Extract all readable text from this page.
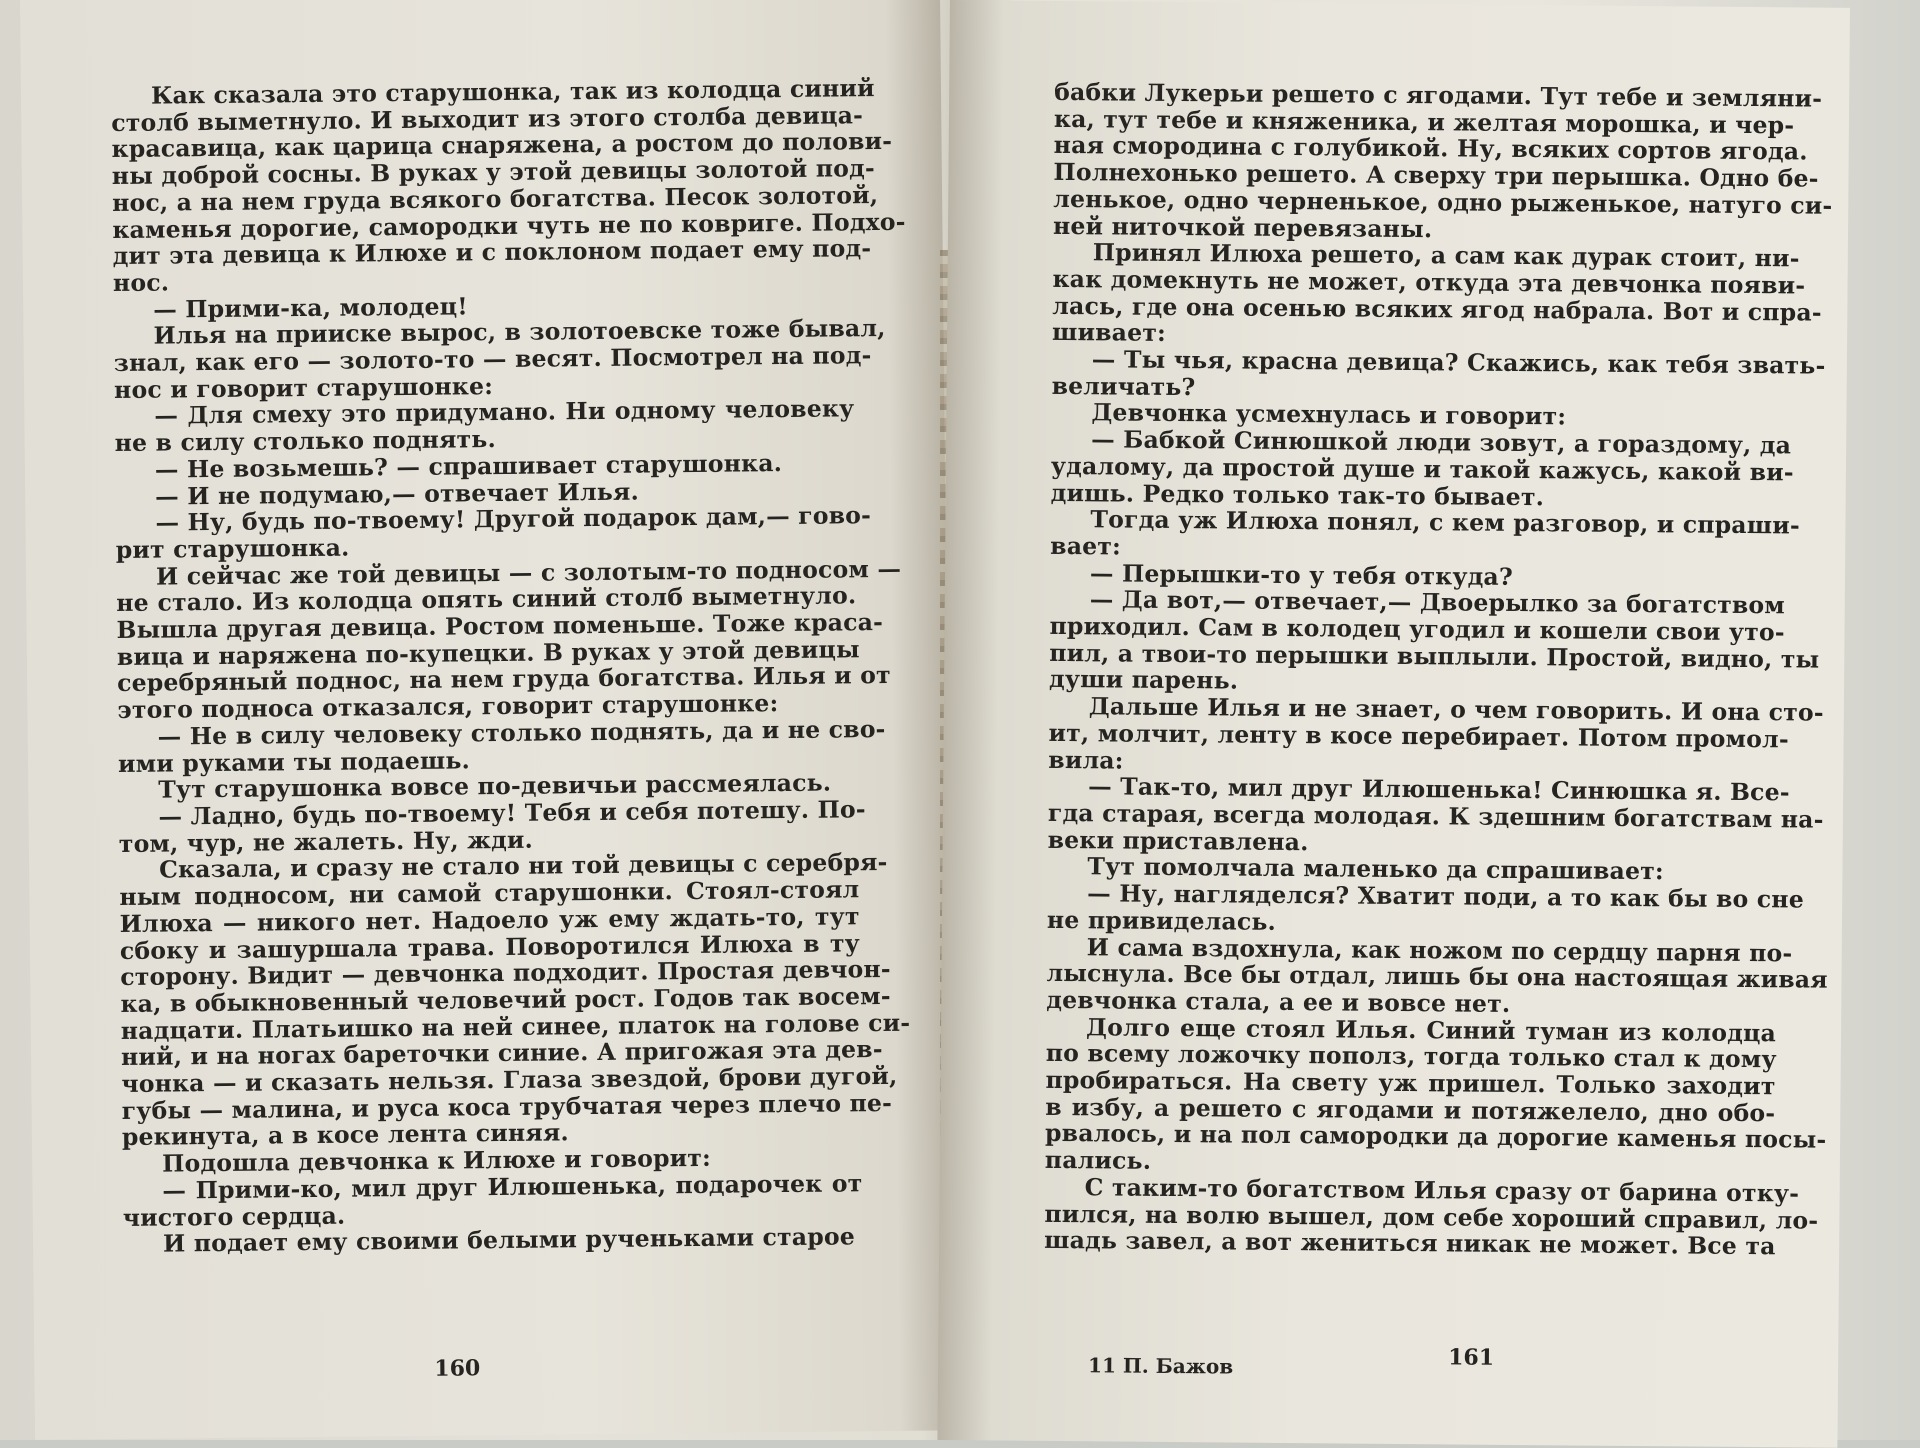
Как сказала это старушонка, так из колодца синий

столб выметнуло. И выходит из этого столба девица-

красавица, как царица снаряжена, а ростом до полови-

ны доброй сосны. В руках у этой девицы золотой под-

нос, а на нем груда всякого богатства. Песок золотой,

каменья дорогие, самородки чуть не по ковриге. Подхо-

дит эта девица к Илюхе и с поклоном подает ему под-

нос.

— Прими-ка, молодец!

Илья на прииске вырос, в золотоевске тоже бывал,

знал, как его — золото-то — весят. Посмотрел на под-

нос и говорит старушонке:

— Для смеху это придумано. Ни одному человеку

не в силу столько поднять.

— Не возьмешь? — спрашивает старушонка.

— И не подумаю,— отвечает Илья.

— Ну, будь по-твоему! Другой подарок дам,— гово-

рит старушонка.

И сейчас же той девицы — с золотым-то подносом —

не стало. Из колодца опять синий столб выметнуло.

Вышла другая девица. Ростом поменьше. Тоже краса-

вица и наряжена по-купецки. В руках у этой девицы

серебряный поднос, на нем груда богатства. Илья и от

этого подноса отказался, говорит старушонке:

— Не в силу человеку столько поднять, да и не сво-

ими руками ты подаешь.

Тут старушонка вовсе по-девичьи рассмеялась.

— Ладно, будь по-твоему! Тебя и себя потешу. По-

том, чур, не жалеть. Ну, жди.

Сказала, и сразу не стало ни той девицы с серебря-

ным подносом, ни самой старушонки. Стоял-стоял

Илюха — никого нет. Надоело уж ему ждать-то, тут

сбоку и зашуршала трава. Поворотился Илюха в ту

сторону. Видит — девчонка подходит. Простая девчон-

ка, в обыкновенный человечий рост. Годов так восем-

надцати. Платьишко на ней синее, платок на голове си-

ний, и на ногах бареточки синие. А пригожая эта дев-

чонка — и сказать нельзя. Глаза звездой, брови дугой,

губы — малина, и руса коса трубчатая через плечо пе-

рекинута, а в косе лента синяя.

Подошла девчонка к Илюхе и говорит:

— Прими-ко, мил друг Илюшенька, подарочек от

чистого сердца.

И подает ему своими белыми рученьками старое

160

бабки Лукерьи решето с ягодами. Тут тебе и земляни-

ка, тут тебе и княженика, и желтая морошка, и чер-

ная смородина с голубикой. Ну, всяких сортов ягода.

Полнехонько решето. А сверху три перышка. Одно бе-

ленькое, одно черненькое, одно рыженькое, натуго си-

ней ниточкой перевязаны.

Принял Илюха решето, а сам как дурак стоит, ни-

как домекнуть не может, откуда эта девчонка появи-

лась, где она осенью всяких ягод набрала. Вот и спра-

шивает:

— Ты чья, красна девица? Скажись, как тебя звать-

величать?

Девчонка усмехнулась и говорит:

— Бабкой Синюшкой люди зовут, а гораздому, да

удалому, да простой душе и такой кажусь, какой ви-

дишь. Редко только так-то бывает.

Тогда уж Илюха понял, с кем разговор, и спраши-

вает:

— Перышки-то у тебя откуда?

— Да вот,— отвечает,— Двоерылко за богатством

приходил. Сам в колодец угодил и кошели свои уто-

пил, а твои-то перышки выплыли. Простой, видно, ты

души парень.

Дальше Илья и не знает, о чем говорить. И она сто-

ит, молчит, ленту в косе перебирает. Потом промол-

вила:

— Так-то, мил друг Илюшенька! Синюшка я. Все-

гда старая, всегда молодая. К здешним богатствам на-

веки приставлена.

Тут помолчала маленько да спрашивает:

— Ну, нагляделся? Хватит поди, а то как бы во сне

не привиделась.

И сама вздохнула, как ножом по сердцу парня по-

лыснула. Все бы отдал, лишь бы она настоящая живая

девчонка стала, а ее и вовсе нет.

Долго еще стоял Илья. Синий туман из колодца

по всему ложочку пополз, тогда только стал к дому

пробираться. На свету уж пришел. Только заходит

в избу, а решето с ягодами и потяжелело, дно обо-

рвалось, и на пол самородки да дорогие каменья посы-

пались.

С таким-то богатством Илья сразу от барина отку-

пился, на волю вышел, дом себе хороший справил, ло-

шадь завел, а вот жениться никак не может. Все та

11 П. Бажов	161
